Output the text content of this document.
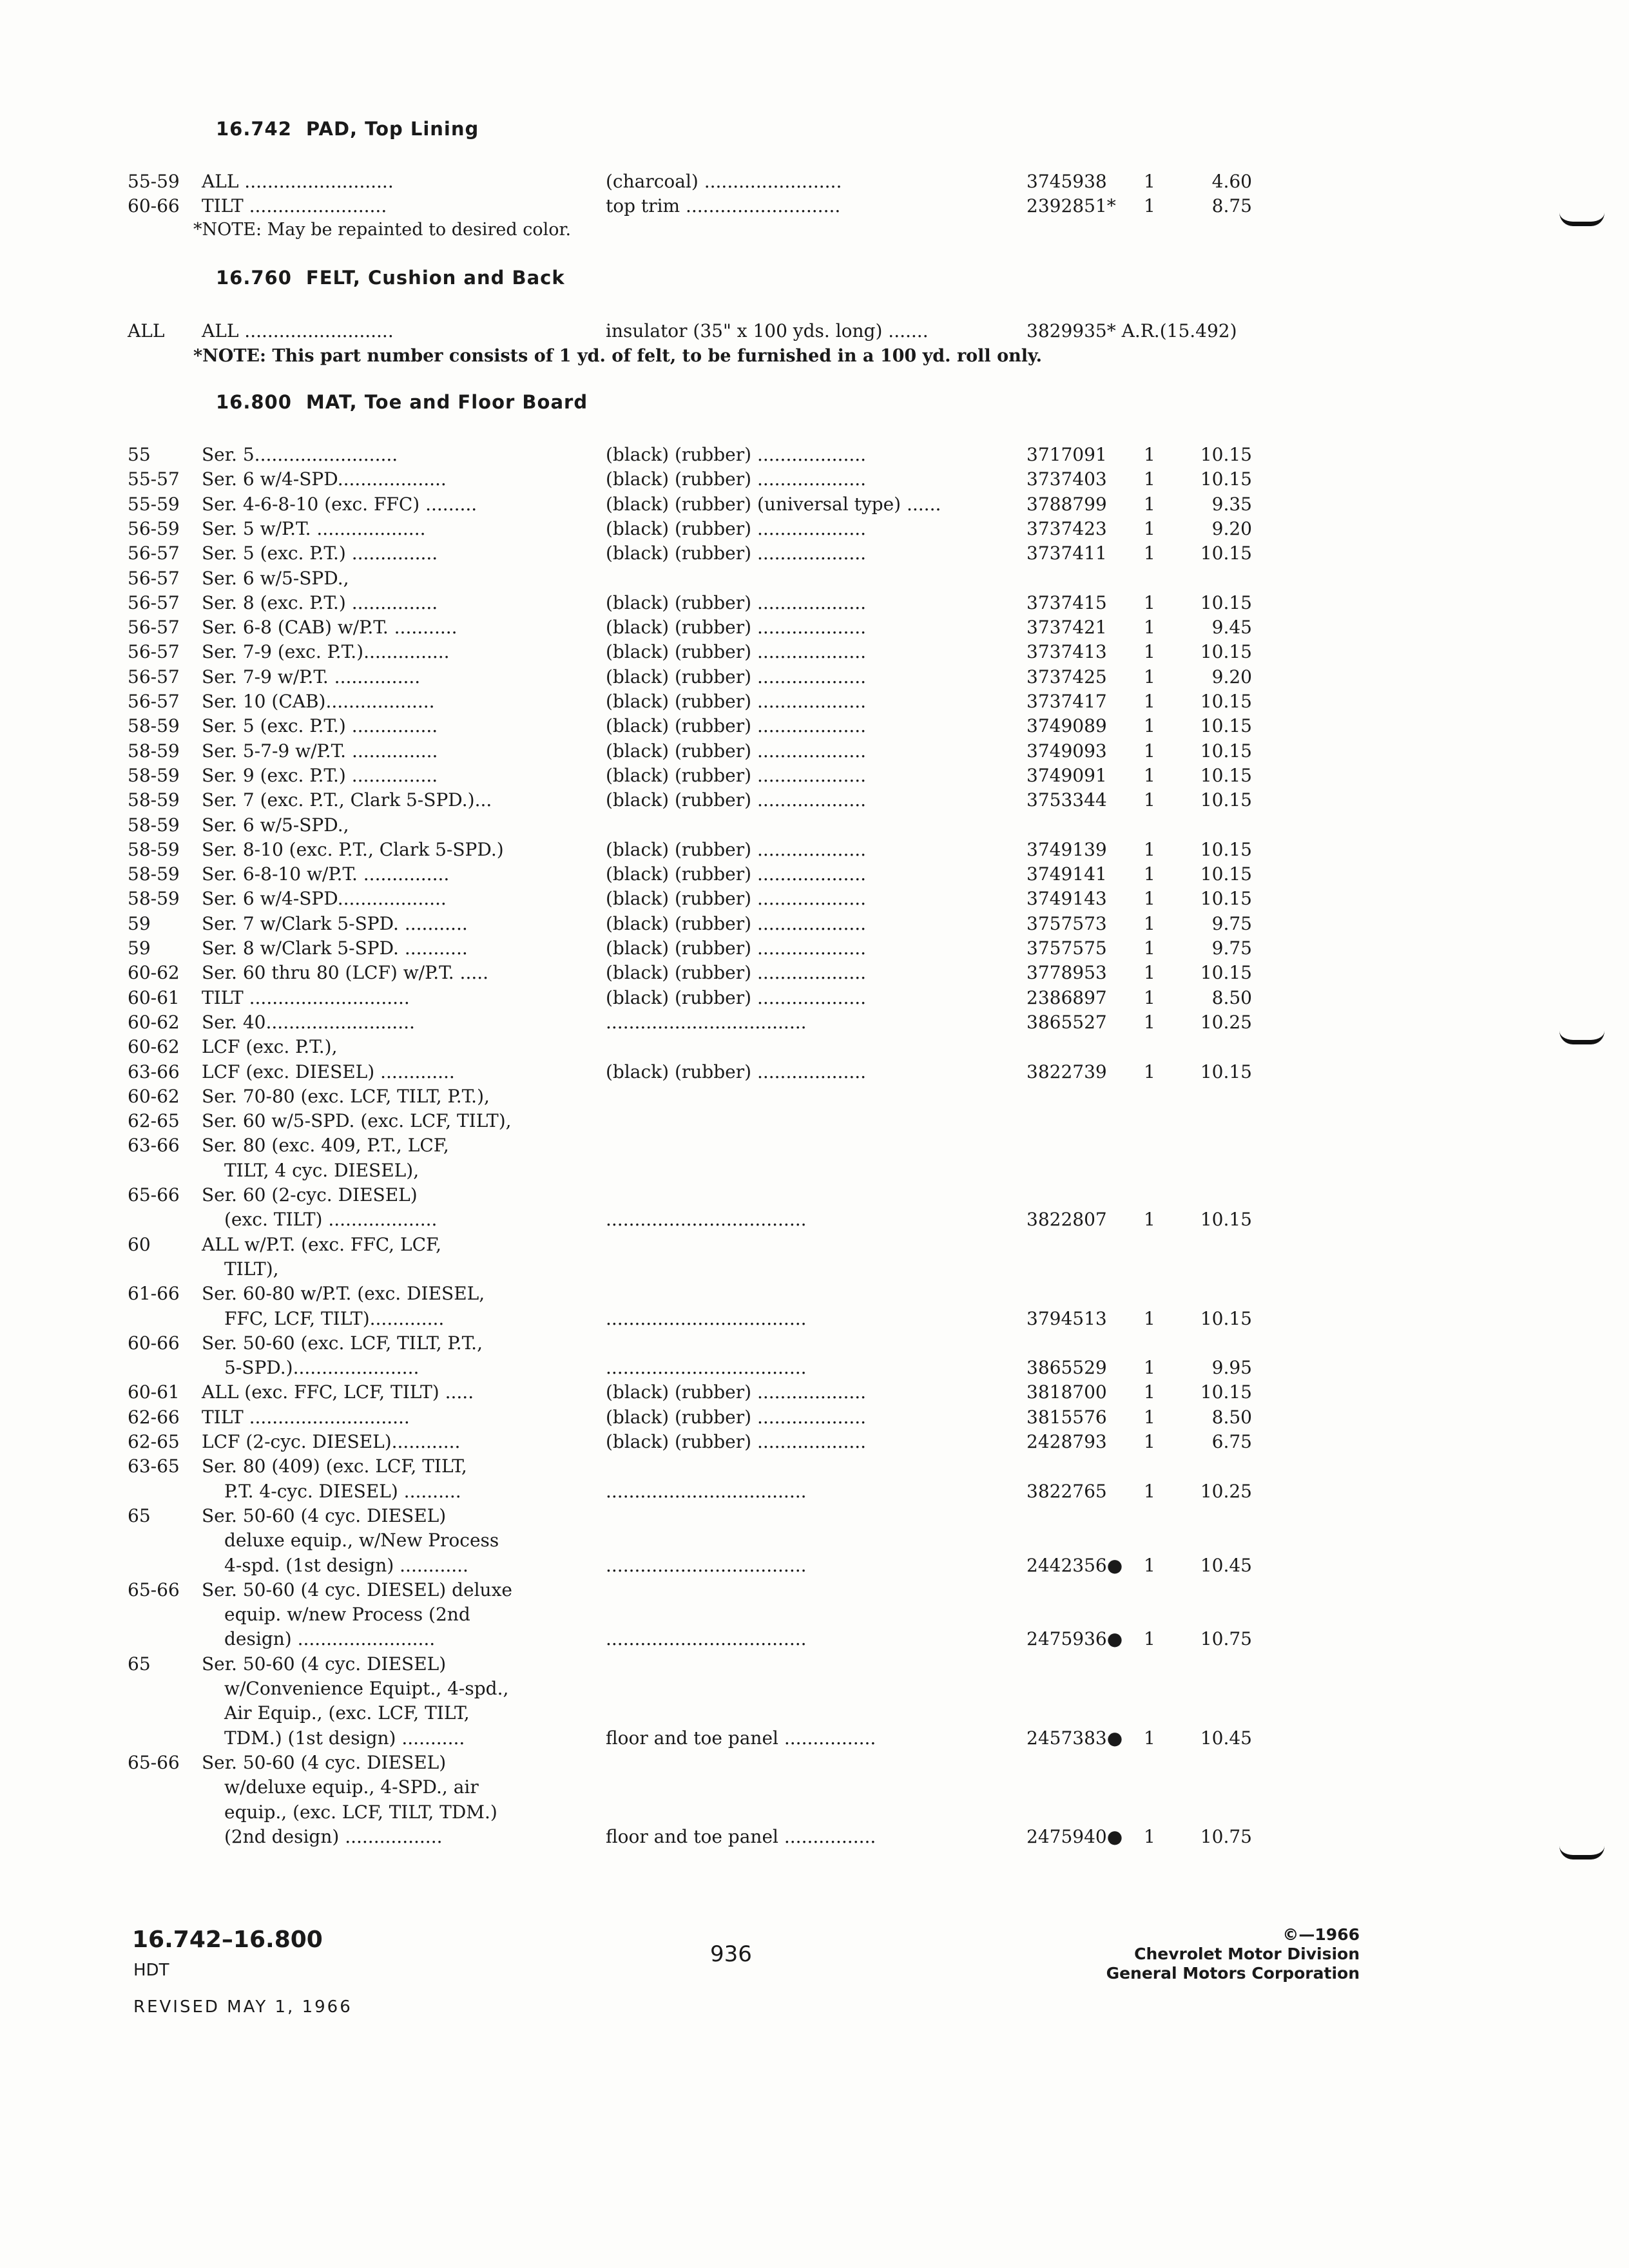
16.742 PAD, Top Lining
55-59 ALL ..........................	(charcoal) ........................	3745938 1	4.60
60-66 TILT ........................	top trim ...........................	2392851* 1	8.75
*NOTE: May be repainted to desired color.
16.760 FELT, Cushion and Back
ALL ALL ..........................	insulator (35" x 100 yds. long) .......	3829935* A.R.(15.492)
*NOTE: This part number consists of 1 yd. of felt, to be furnished in a 100 yd. roll only.
16.800 MAT, Toe and Floor Board
55	Ser. 5.........................	(black) (rubber) ...................	3717091 1	10.15
55-57 Ser. 6 w/4-SPD...................	(black) (rubber) ...................	3737403 1	10.15
55-59 Ser. 4-6-8-10 (exc. FFC) .........	(black) (rubber) (universal type) ......	3788799 1	9.35
56-59 Ser. 5 w/P.T. ...................	(black) (rubber) ...................	3737423 1	9.20
56-57 Ser. 5 (exc. P.T.) ...............	(black) (rubber) ...................	3737411 1	10.15
56-57 Ser. 6 w/5-SPD.,
56-57 Ser. 8 (exc. P.T.) ...............	(black) (rubber) ...................	3737415 1	10.15
56-57 Ser. 6-8 (CAB) w/P.T. ...........	(black) (rubber) ...................	3737421 1	9.45
56-57 Ser. 7-9 (exc. P.T.)...............	(black) (rubber) ...................	3737413 1	10.15
56-57 Ser. 7-9 w/P.T. ...............	(black) (rubber) ...................	3737425 1	9.20
56-57 Ser. 10 (CAB)...................	(black) (rubber) ...................	3737417 1	10.15
58-59 Ser. 5 (exc. P.T.) ...............	(black) (rubber) ...................	3749089 1	10.15
58-59 Ser. 5-7-9 w/P.T. ...............	(black) (rubber) ...................	3749093 1	10.15
58-59 Ser. 9 (exc. P.T.) ...............	(black) (rubber) ...................	3749091 1	10.15
58-59 Ser. 7 (exc. P.T., Clark 5-SPD.)...	(black) (rubber) ...................	3753344 1	10.15
58-59 Ser. 6 w/5-SPD.,
58-59 Ser. 8-10 (exc. P.T., Clark 5-SPD.)	(black) (rubber) ...................	3749139 1	10.15
58-59 Ser. 6-8-10 w/P.T. ...............	(black) (rubber) ...................	3749141 1	10.15
58-59 Ser. 6 w/4-SPD...................	(black) (rubber) ...................	3749143 1	10.15
59	Ser. 7 w/Clark 5-SPD. ...........	(black) (rubber) ...................	3757573 1	9.75
59	Ser. 8 w/Clark 5-SPD. ...........	(black) (rubber) ...................	3757575 1	9.75
60-62 Ser. 60 thru 80 (LCF) w/P.T. .....	(black) (rubber) ...................	3778953 1	10.15
60-61 TILT ............................	(black) (rubber) ...................	2386897 1	8.50
60-62 Ser. 40..........................	...................................	3865527 1	10.25
60-62 LCF (exc. P.T.),
63-66 LCF (exc. DIESEL) .............	(black) (rubber) ...................	3822739 1	10.15
60-62 Ser. 70-80 (exc. LCF, TILT, P.T.),
62-65 Ser. 60 w/5-SPD. (exc. LCF, TILT),
63-66 Ser. 80 (exc. 409, P.T., LCF,
TILT, 4 cyc. DIESEL),
65-66 Ser. 60 (2-cyc. DIESEL)
(exc. TILT) ...................	...................................	3822807 1	10.15
60	ALL w/P.T. (exc. FFC, LCF,
TILT),
61-66 Ser. 60-80 w/P.T. (exc. DIESEL,
FFC, LCF, TILT).............	...................................	3794513 1	10.15
60-66 Ser. 50-60 (exc. LCF, TILT, P.T.,
5-SPD.)......................	...................................	3865529 1	9.95
60-61 ALL (exc. FFC, LCF, TILT) .....	(black) (rubber) ...................	3818700 1	10.15
62-66 TILT ............................	(black) (rubber) ...................	3815576 1	8.50
62-65 LCF (2-cyc. DIESEL)............	(black) (rubber) ...................	2428793 1	6.75
63-65 Ser. 80 (409) (exc. LCF, TILT,
P.T. 4-cyc. DIESEL) ..........	...................................	3822765 1	10.25
65	Ser. 50-60 (4 cyc. DIESEL)
deluxe equip., w/New Process
4-spd. (1st design) ............	...................................	2442356● 1	10.45
65-66 Ser. 50-60 (4 cyc. DIESEL) deluxe
equip. w/new Process (2nd
design) ........................	...................................	2475936● 1	10.75
65	Ser. 50-60 (4 cyc. DIESEL)
w/Convenience Equipt., 4-spd.,
Air Equip., (exc. LCF, TILT,
TDM.) (1st design) ...........	floor and toe panel ................	2457383● 1	10.45
65-66 Ser. 50-60 (4 cyc. DIESEL)
w/deluxe equip., 4-SPD., air
equip., (exc. LCF, TILT, TDM.)
(2nd design) .................	floor and toe panel ................	2475940● 1	10.75
16.742–16.800
HDT
REVISED MAY 1, 1966
936
©—1966
Chevrolet Motor Division
General Motors Corporation
